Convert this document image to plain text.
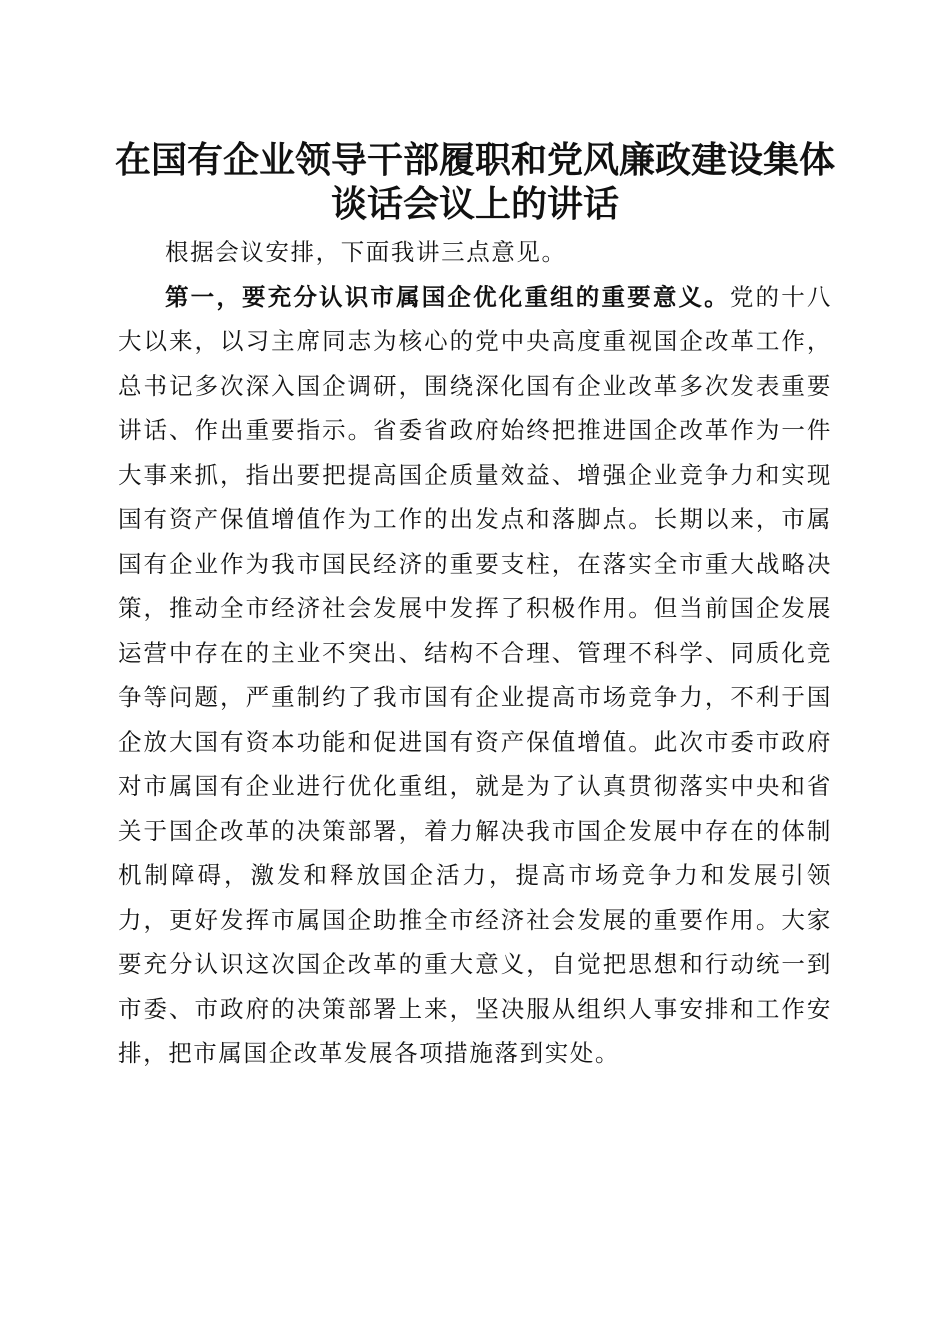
在国有企业领导干部履职和党风廉政建设集体
谈话会议上的讲话

根据会议安排，下面我讲三点意见。

第一，要充分认识市属国企优化重组的重要意义。党的十八大以来，以习主席同志为核心的党中央高度重视国企改革工作，总书记多次深入国企调研，围绕深化国有企业改革多次发表重要讲话、作出重要指示。省委省政府始终把推进国企改革作为一件大事来抓，指出要把提高国企质量效益、增强企业竞争力和实现国有资产保值增值作为工作的出发点和落脚点。长期以来，市属国有企业作为我市国民经济的重要支柱，在落实全市重大战略决策，推动全市经济社会发展中发挥了积极作用。但当前国企发展运营中存在的主业不突出、结构不合理、管理不科学、同质化竞争等问题，严重制约了我市国有企业提高市场竞争力，不利于国企放大国有资本功能和促进国有资产保值增值。此次市委市政府对市属国有企业进行优化重组，就是为了认真贯彻落实中央和省关于国企改革的决策部署，着力解决我市国企发展中存在的体制机制障碍，激发和释放国企活力，提高市场竞争力和发展引领力，更好发挥市属国企助推全市经济社会发展的重要作用。大家要充分认识这次国企改革的重大意义，自觉把思想和行动统一到市委、市政府的决策部署上来，坚决服从组织人事安排和工作安排，把市属国企改革发展各项措施落到实处。
